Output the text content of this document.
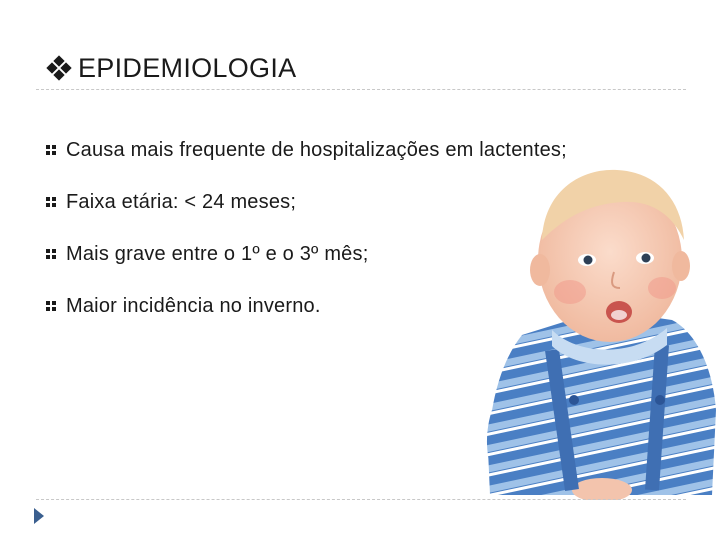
EPIDEMIOLOGIA
Causa mais frequente de hospitalizações em lactentes;
Faixa etária: < 24 meses;
Mais grave entre o 1º e o 3º mês;
Maior incidência no inverno.
